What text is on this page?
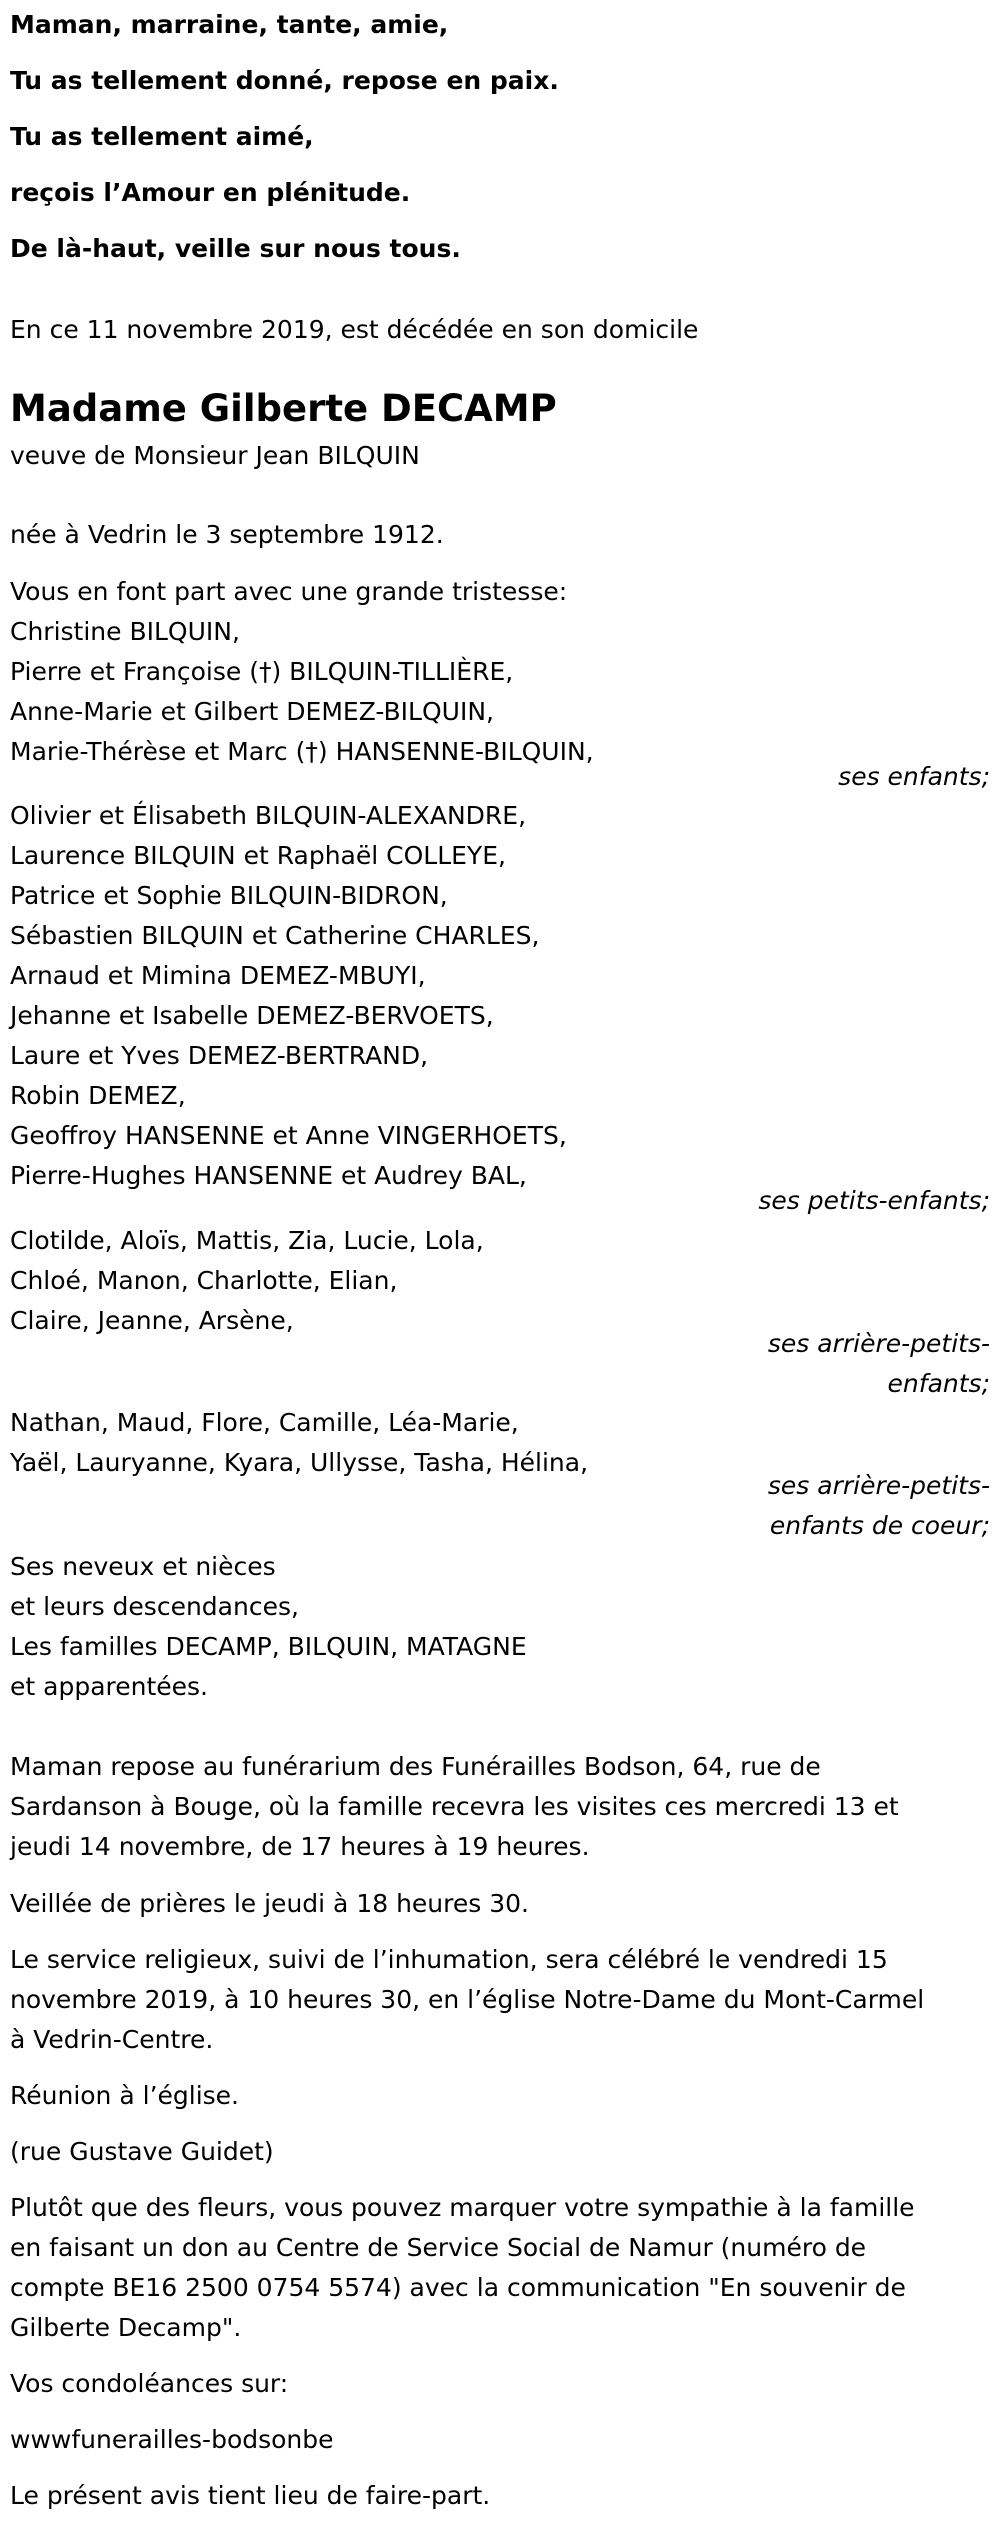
Maman, marraine, tante, amie,
Tu as tellement donné, repose en paix.
Tu as tellement aimé,
reçois l’Amour en plénitude.
De là-haut, veille sur nous tous.
En ce 11 novembre 2019, est décédée en son domicile
Madame Gilberte DECAMP
veuve de Monsieur Jean BILQUIN
née à Vedrin le 3 septembre 1912.
Vous en font part avec une grande tristesse:
Christine BILQUIN,
Pierre et Françoise (†) BILQUIN-TILLIÈRE,
Anne-Marie et Gilbert DEMEZ-BILQUIN,
Marie-Thérèse et Marc (†) HANSENNE-BILQUIN,
ses enfants;
Olivier et Élisabeth BILQUIN-ALEXANDRE,
Laurence BILQUIN et Raphaël COLLEYE,
Patrice et Sophie BILQUIN-BIDRON,
Sébastien BILQUIN et Catherine CHARLES,
Arnaud et Mimina DEMEZ-MBUYI,
Jehanne et Isabelle DEMEZ-BERVOETS,
Laure et Yves DEMEZ-BERTRAND,
Robin DEMEZ,
Geoffroy HANSENNE et Anne VINGERHOETS,
Pierre-Hughes HANSENNE et Audrey BAL,
ses petits-enfants;
Clotilde, Aloïs, Mattis, Zia, Lucie, Lola,
Chloé, Manon, Charlotte, Elian,
Claire, Jeanne, Arsène,
ses arrière-petits-
enfants;
Nathan, Maud, Flore, Camille, Léa-Marie,
Yaël, Lauryanne, Kyara, Ullysse, Tasha, Hélina,
ses arrière-petits-
enfants de coeur;
Ses neveux et nièces
et leurs descendances,
Les familles DECAMP, BILQUIN, MATAGNE
et apparentées.
Maman repose au funérarium des Funérailles Bodson, 64, rue de
Sardanson à Bouge, où la famille recevra les visites ces mercredi 13 et
jeudi 14 novembre, de 17 heures à 19 heures.
Veillée de prières le jeudi à 18 heures 30.
Le service religieux, suivi de l’inhumation, sera célébré le vendredi 15
novembre 2019, à 10 heures 30, en l’église Notre-Dame du Mont-Carmel
à Vedrin-Centre.
Réunion à l’église.
(rue Gustave Guidet)
Plutôt que des fleurs, vous pouvez marquer votre sympathie à la famille
en faisant un don au Centre de Service Social de Namur (numéro de
compte BE16 2500 0754 5574) avec la communication "En souvenir de
Gilberte Decamp".
Vos condoléances sur:
wwwfunerailles-bodsonbe
Le présent avis tient lieu de faire-part.
